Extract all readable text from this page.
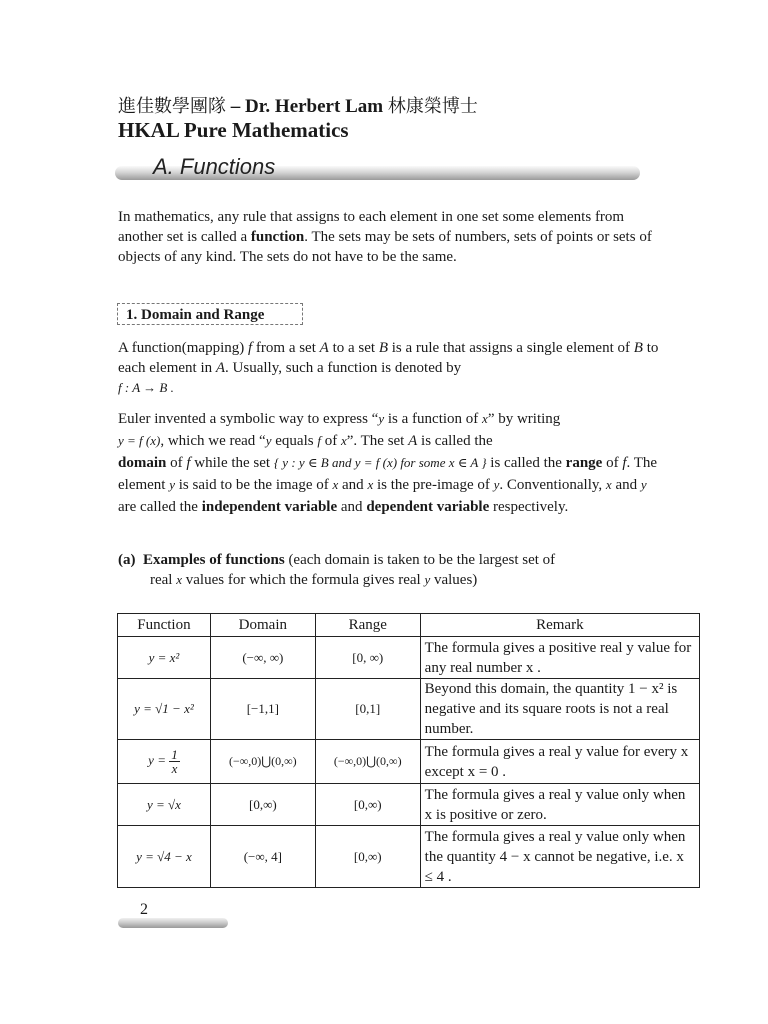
進佳數學團隊 – Dr. Herbert Lam 林康榮博士
HKAL Pure Mathematics
A. Functions
In mathematics, any rule that assigns to each element in one set some elements from another set is called a function. The sets may be sets of numbers, sets of points or sets of objects of any kind. The sets do not have to be the same.
1. Domain and Range
A function(mapping) f from a set A to a set B is a rule that assigns a single element of B to each element in A. Usually, such a function is denoted by
f : A → B .
Euler invented a symbolic way to express “y is a function of x” by writing
y = f (x), which we read “y equals f of x”. The set A is called the
domain of f while the set { y : y ∈ B and y = f (x) for some x ∈ A } is called the range of f. The element y is said to be the image of x and x is the pre-image of y. Conventionally, x and y are called the independent variable and dependent variable respectively.
(a) Examples of functions (each domain is taken to be the largest set of
real x values for which the formula gives real y values)
Function	Domain	Range	Remark
y = x²	(−∞, ∞)	[0, ∞)	The formula gives a positive real y value for any real number x .
y = √1 − x²	[−1,1]	[0,1]	Beyond this domain, the quantity 1 − x² is negative and its square roots is not a real number.
$y = \frac{1}{x}$	(−∞,0)⋃(0,∞)	(−∞,0)⋃(0,∞)	The formula gives a real y value for every x except x = 0 .
y = √x	[0,∞)	[0,∞)	The formula gives a real y value only when x is positive or zero.
y = √4 − x	(−∞, 4]	[0,∞)	The formula gives a real y value only when the quantity 4 − x cannot be negative, i.e. x ≤ 4 .
2
